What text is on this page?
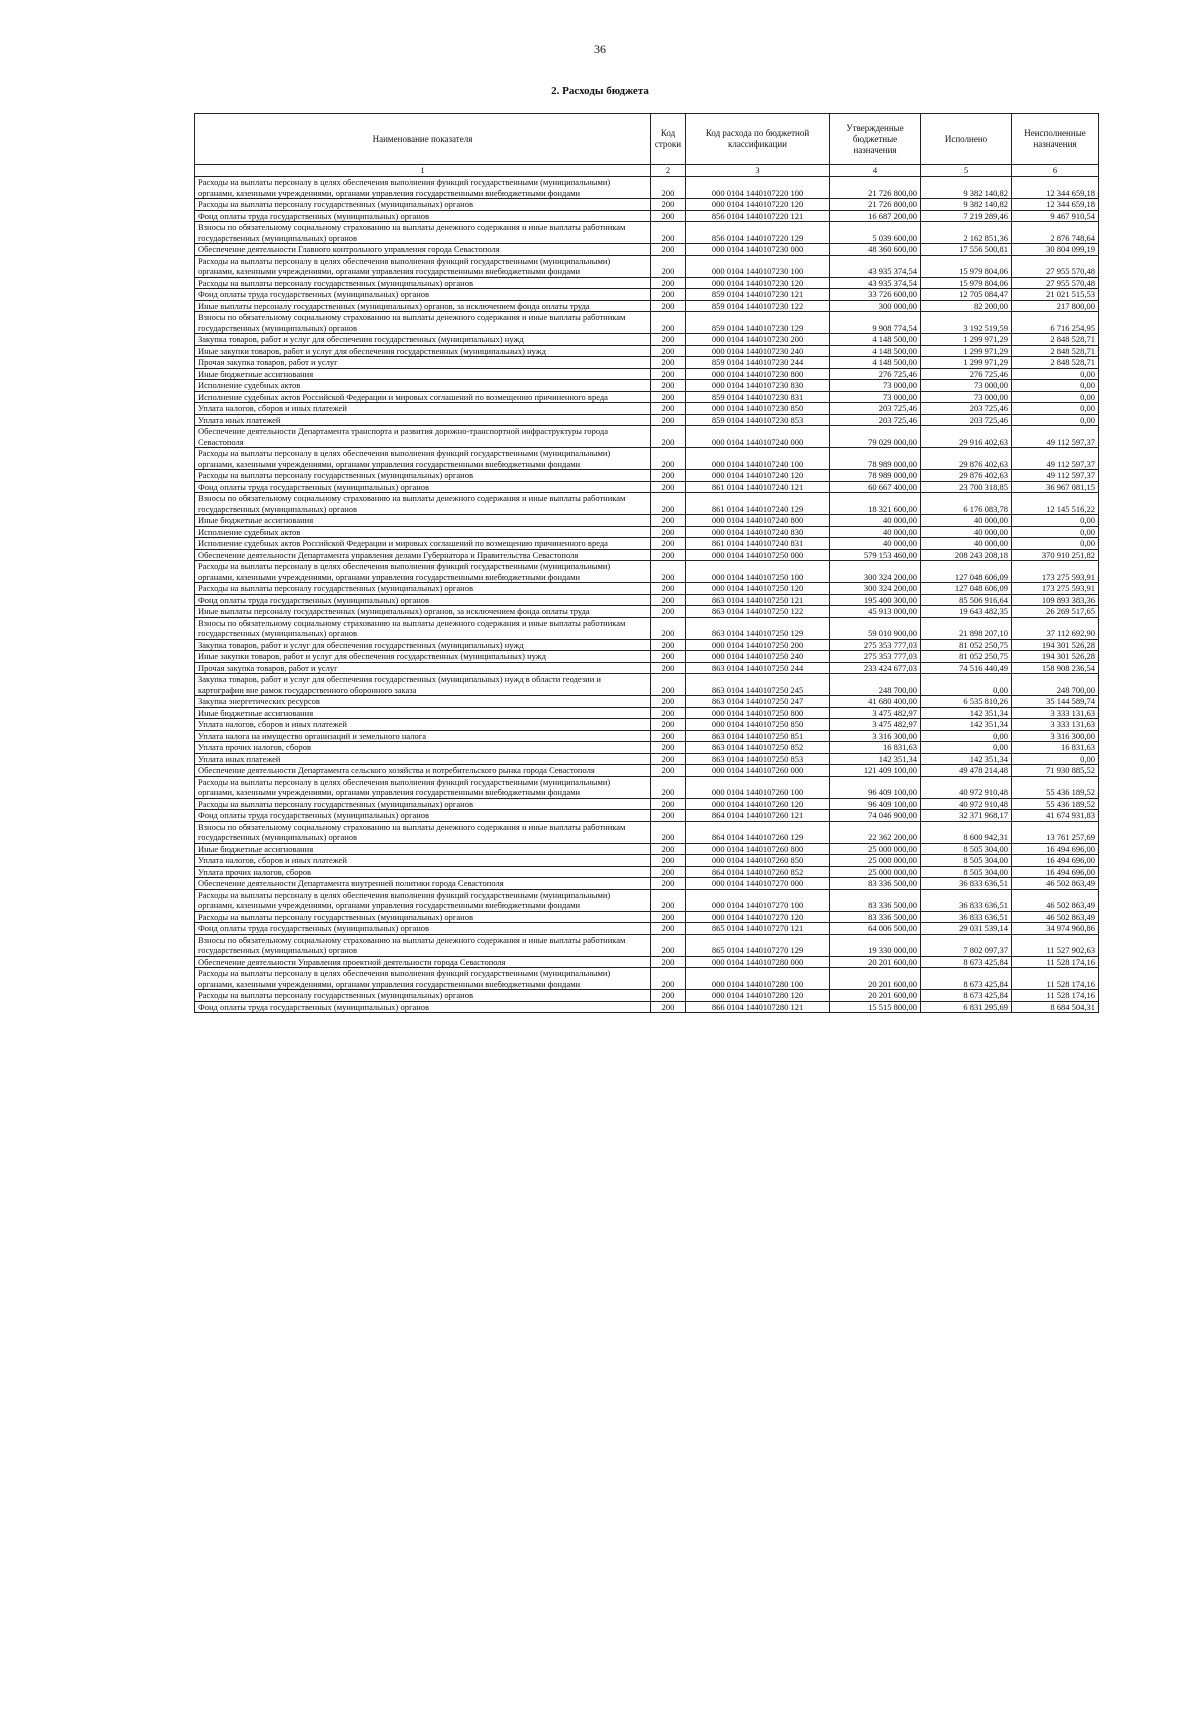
36
2. Расходы бюджета
Наименование показателя	Код строки	Код расхода по бюджетной классификации	Утвержденные бюджетные назначения	Исполнено	Неисполненные назначения
1	2	3	4	5	6
Расходы на выплаты персоналу в целях обеспечения выполнения функций государственными (муниципальными) органами, казенными учреждениями, органами управления государственными внебюджетными фондами	200	000 0104 1440107220 100	21 726 800,00	9 382 140,82	12 344 659,18
Расходы на выплаты персоналу государственных (муниципальных) органов	200	000 0104 1440107220 120	21 726 800,00	9 382 140,82	12 344 659,18
Фонд оплаты труда государственных (муниципальных) органов	200	856 0104 1440107220 121	16 687 200,00	7 219 289,46	9 467 910,54
Взносы по обязательному социальному страхованию на выплаты денежного содержания и иные выплаты работникам государственных (муниципальных) органов	200	856 0104 1440107220 129	5 039 600,00	2 162 851,36	2 876 748,64
Обеспечение деятельности Главного контрольного управления города Севастополя	200	000 0104 1440107230 000	48 360 600,00	17 556 500,81	30 804 099,19
Расходы на выплаты персоналу в целях обеспечения выполнения функций государственными (муниципальными) органами, казенными учреждениями, органами управления государственными внебюджетными фондами	200	000 0104 1440107230 100	43 935 374,54	15 979 804,06	27 955 570,48
Расходы на выплаты персоналу государственных (муниципальных) органов	200	000 0104 1440107230 120	43 935 374,54	15 979 804,06	27 955 570,48
Фонд оплаты труда государственных (муниципальных) органов	200	859 0104 1440107230 121	33 726 600,00	12 705 084,47	21 021 515,53
Иные выплаты персоналу государственных (муниципальных) органов, за исключением фонда оплаты труда	200	859 0104 1440107230 122	300 000,00	82 200,00	217 800,00
Взносы по обязательному социальному страхованию на выплаты денежного содержания и иные выплаты работникам государственных (муниципальных) органов	200	859 0104 1440107230 129	9 908 774,54	3 192 519,59	6 716 254,95
Закупка товаров, работ и услуг для обеспечения государственных (муниципальных) нужд	200	000 0104 1440107230 200	4 148 500,00	1 299 971,29	2 848 528,71
Иные закупки товаров, работ и услуг для обеспечения государственных (муниципальных) нужд	200	000 0104 1440107230 240	4 148 500,00	1 299 971,29	2 848 528,71
Прочая закупка товаров, работ и услуг	200	859 0104 1440107230 244	4 148 500,00	1 299 971,29	2 848 528,71
Иные бюджетные ассигнования	200	000 0104 1440107230 800	276 725,46	276 725,46	0,00
Исполнение судебных актов	200	000 0104 1440107230 830	73 000,00	73 000,00	0,00
Исполнение судебных актов Российской Федерации и мировых соглашений по возмещению причиненного вреда	200	859 0104 1440107230 831	73 000,00	73 000,00	0,00
Уплата налогов, сборов и иных платежей	200	000 0104 1440107230 850	203 725,46	203 725,46	0,00
Уплата иных платежей	200	859 0104 1440107230 853	203 725,46	203 725,46	0,00
Обеспечение деятельности Департамента транспорта и развития дорожно-транспортной инфраструктуры города Севастополя	200	000 0104 1440107240 000	79 029 000,00	29 916 402,63	49 112 597,37
Расходы на выплаты персоналу в целях обеспечения выполнения функций государственными (муниципальными) органами, казенными учреждениями, органами управления государственными внебюджетными фондами	200	000 0104 1440107240 100	78 989 000,00	29 876 402,63	49 112 597,37
Расходы на выплаты персоналу государственных (муниципальных) органов	200	000 0104 1440107240 120	78 989 000,00	29 876 402,63	49 112 597,37
Фонд оплаты труда государственных (муниципальных) органов	200	861 0104 1440107240 121	60 667 400,00	23 700 318,85	36 967 081,15
Взносы по обязательному социальному страхованию на выплаты денежного содержания и иные выплаты работникам государственных (муниципальных) органов	200	861 0104 1440107240 129	18 321 600,00	6 176 083,78	12 145 516,22
Иные бюджетные ассигнования	200	000 0104 1440107240 800	40 000,00	40 000,00	0,00
Исполнение судебных актов	200	000 0104 1440107240 830	40 000,00	40 000,00	0,00
Исполнение судебных актов Российской Федерации и мировых соглашений по возмещению причиненного вреда	200	861 0104 1440107240 831	40 000,00	40 000,00	0,00
Обеспечение деятельности Департамента управления делами Губернатора и Правительства Севастополя	200	000 0104 1440107250 000	579 153 460,00	208 243 208,18	370 910 251,82
Расходы на выплаты персоналу в целях обеспечения выполнения функций государственными (муниципальными) органами, казенными учреждениями, органами управления государственными внебюджетными фондами	200	000 0104 1440107250 100	300 324 200,00	127 048 606,09	173 275 593,91
Расходы на выплаты персоналу государственных (муниципальных) органов	200	000 0104 1440107250 120	300 324 200,00	127 048 606,09	173 275 593,91
Фонд оплаты труда государственных (муниципальных) органов	200	863 0104 1440107250 121	195 400 300,00	85 506 916,64	109 893 383,36
Иные выплаты персоналу государственных (муниципальных) органов, за исключением фонда оплаты труда	200	863 0104 1440107250 122	45 913 000,00	19 643 482,35	26 269 517,65
Взносы по обязательному социальному страхованию на выплаты денежного содержания и иные выплаты работникам государственных (муниципальных) органов	200	863 0104 1440107250 129	59 010 900,00	21 898 207,10	37 112 692,90
Закупка товаров, работ и услуг для обеспечения государственных (муниципальных) нужд	200	000 0104 1440107250 200	275 353 777,03	81 052 250,75	194 301 526,28
Иные закупки товаров, работ и услуг для обеспечения государственных (муниципальных) нужд	200	000 0104 1440107250 240	275 353 777,03	81 052 250,75	194 301 526,28
Прочая закупка товаров, работ и услуг	200	863 0104 1440107250 244	233 424 677,03	74 516 440,49	158 908 236,54
Закупка товаров, работ и услуг для обеспечения государственных (муниципальных) нужд в области геодезии и картографии вне рамок государственного оборонного заказа	200	863 0104 1440107250 245	248 700,00	0,00	248 700,00
Закупка энергетических ресурсов	200	863 0104 1440107250 247	41 680 400,00	6 535 810,26	35 144 589,74
Иные бюджетные ассигнования	200	000 0104 1440107250 800	3 475 482,97	142 351,34	3 333 131,63
Уплата налогов, сборов и иных платежей	200	000 0104 1440107250 850	3 475 482,97	142 351,34	3 333 131,63
Уплата налога на имущество организаций и земельного налога	200	863 0104 1440107250 851	3 316 300,00	0,00	3 316 300,00
Уплата прочих налогов, сборов	200	863 0104 1440107250 852	16 831,63	0,00	16 831,63
Уплата иных платежей	200	863 0104 1440107250 853	142 351,34	142 351,34	0,00
Обеспечение деятельности Департамента сельского хозяйства и потребительского рынка города Севастополя	200	000 0104 1440107260 000	121 409 100,00	49 478 214,48	71 930 885,52
Расходы на выплаты персоналу в целях обеспечения выполнения функций государственными (муниципальными) органами, казенными учреждениями, органами управления государственными внебюджетными фондами	200	000 0104 1440107260 100	96 409 100,00	40 972 910,48	55 436 189,52
Расходы на выплаты персоналу государственных (муниципальных) органов	200	000 0104 1440107260 120	96 409 100,00	40 972 910,48	55 436 189,52
Фонд оплаты труда государственных (муниципальных) органов	200	864 0104 1440107260 121	74 046 900,00	32 371 968,17	41 674 931,83
Взносы по обязательному социальному страхованию на выплаты денежного содержания и иные выплаты работникам государственных (муниципальных) органов	200	864 0104 1440107260 129	22 362 200,00	8 600 942,31	13 761 257,69
Иные бюджетные ассигнования	200	000 0104 1440107260 800	25 000 000,00	8 505 304,00	16 494 696,00
Уплата налогов, сборов и иных платежей	200	000 0104 1440107260 850	25 000 000,00	8 505 304,00	16 494 696,00
Уплата прочих налогов, сборов	200	864 0104 1440107260 852	25 000 000,00	8 505 304,00	16 494 696,00
Обеспечение деятельности Департамента внутренней политики города Севастополя	200	000 0104 1440107270 000	83 336 500,00	36 833 636,51	46 502 863,49
Расходы на выплаты персоналу в целях обеспечения выполнения функций государственными (муниципальными) органами, казенными учреждениями, органами управления государственными внебюджетными фондами	200	000 0104 1440107270 100	83 336 500,00	36 833 636,51	46 502 863,49
Расходы на выплаты персоналу государственных (муниципальных) органов	200	000 0104 1440107270 120	83 336 500,00	36 833 636,51	46 502 863,49
Фонд оплаты труда государственных (муниципальных) органов	200	865 0104 1440107270 121	64 006 500,00	29 031 539,14	34 974 960,86
Взносы по обязательному социальному страхованию на выплаты денежного содержания и иные выплаты работникам государственных (муниципальных) органов	200	865 0104 1440107270 129	19 330 000,00	7 802 097,37	11 527 902,63
Обеспечение деятельности Управления проектной деятельности города Севастополя	200	000 0104 1440107280 000	20 201 600,00	8 673 425,84	11 528 174,16
Расходы на выплаты персоналу в целях обеспечения выполнения функций государственными (муниципальными) органами, казенными учреждениями, органами управления государственными внебюджетными фондами	200	000 0104 1440107280 100	20 201 600,00	8 673 425,84	11 528 174,16
Расходы на выплаты персоналу государственных (муниципальных) органов	200	000 0104 1440107280 120	20 201 600,00	8 673 425,84	11 528 174,16
Фонд оплаты труда государственных (муниципальных) органов	200	866 0104 1440107280 121	15 515 800,00	6 831 295,69	8 684 504,31
